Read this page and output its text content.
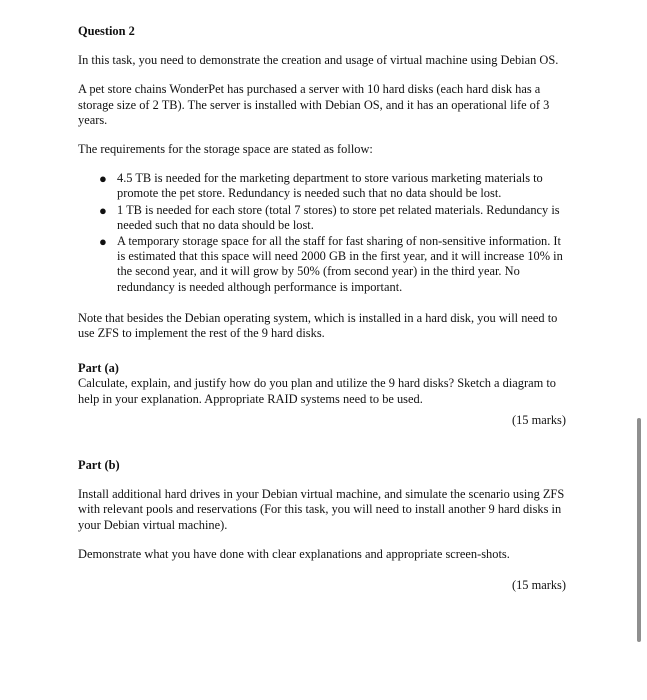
Question 2

In this task, you need to demonstrate the creation and usage of virtual machine using Debian OS.

A pet store chains WonderPet has purchased a server with 10 hard disks (each hard disk has a storage size of 2 TB). The server is installed with Debian OS, and it has an operational life of 3 years.

The requirements for the storage space are stated as follow:

● 4.5 TB is needed for the marketing department to store various marketing materials to promote the pet store. Redundancy is needed such that no data should be lost.
● 1 TB is needed for each store (total 7 stores) to store pet related materials. Redundancy is needed such that no data should be lost.
● A temporary storage space for all the staff for fast sharing of non-sensitive information. It is estimated that this space will need 2000 GB in the first year, and it will increase 10% in the second year, and it will grow by 50% (from second year) in the third year. No redundancy is needed although performance is important.

Note that besides the Debian operating system, which is installed in a hard disk, you will need to use ZFS to implement the rest of the 9 hard disks.

Part (a)
Calculate, explain, and justify how do you plan and utilize the 9 hard disks? Sketch a diagram to help in your explanation. Appropriate RAID systems need to be used.
(15 marks)
Part (b)

Install additional hard drives in your Debian virtual machine, and simulate the scenario using ZFS with relevant pools and reservations (For this task, you will need to install another 9 hard disks in your Debian virtual machine).

Demonstrate what you have done with clear explanations and appropriate screen-shots.
(15 marks)
